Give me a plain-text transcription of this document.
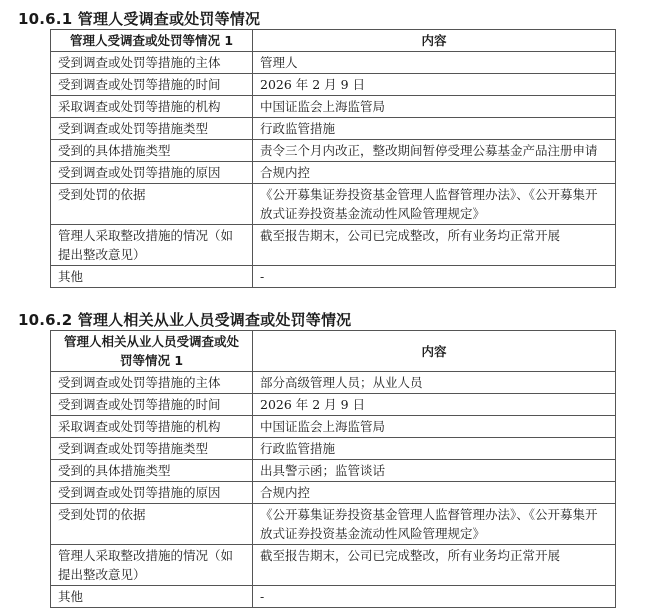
10.6.1 管理人受调查或处罚等情况
管理人受调查或处罚等情况 1	内容
受到调查或处罚等措施的主体	管理人
受到调查或处罚等措施的时间	2026 年 2 月 9 日
采取调查或处罚等措施的机构	中国证监会上海监管局
受到调查或处罚等措施类型	行政监管措施
受到的具体措施类型	责令三个月内改正，整改期间暂停受理公募基金产品注册申请
受到调查或处罚等措施的原因	合规内控
受到处罚的依据	《公开募集证券投资基金管理人监督管理办法》、《公开募集开放式证券投资基金流动性风险管理规定》
管理人采取整改措施的情况（如提出整改意见）	截至报告期末，公司已完成整改，所有业务均正常开展
其他	-
10.6.2 管理人相关从业人员受调查或处罚等情况
管理人相关从业人员受调查或处罚等情况 1	内容
受到调查或处罚等措施的主体	部分高级管理人员；从业人员
受到调查或处罚等措施的时间	2026 年 2 月 9 日
采取调查或处罚等措施的机构	中国证监会上海监管局
受到调查或处罚等措施类型	行政监管措施
受到的具体措施类型	出具警示函；监管谈话
受到调查或处罚等措施的原因	合规内控
受到处罚的依据	《公开募集证券投资基金管理人监督管理办法》、《公开募集开放式证券投资基金流动性风险管理规定》
管理人采取整改措施的情况（如提出整改意见）	截至报告期末，公司已完成整改，所有业务均正常开展
其他	-
